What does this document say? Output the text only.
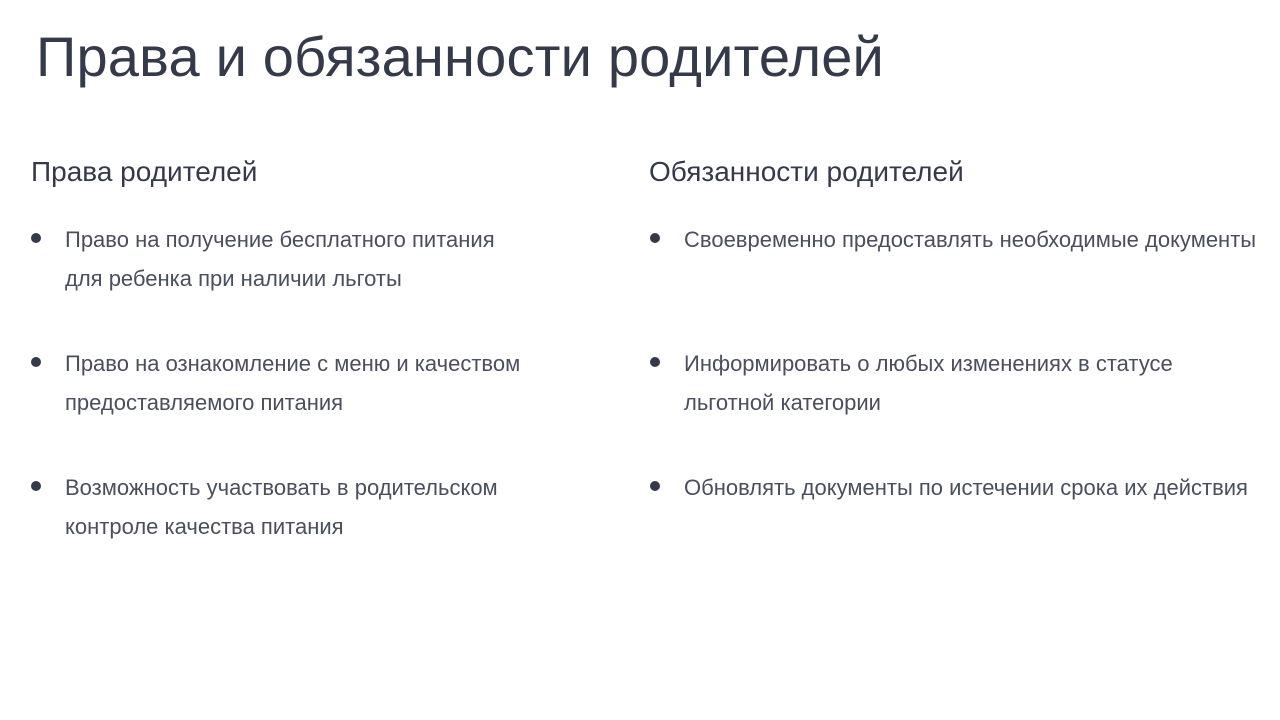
Права и обязанности родителей
Права родителей
Право на получение бесплатного питания
для ребенка при наличии льготы
Право на ознакомление с меню и качеством
предоставляемого питания
Возможность участвовать в родительском
контроле качества питания
Обязанности родителей
Своевременно предоставлять необходимые документы
Информировать о любых изменениях в статусе
льготной категории
Обновлять документы по истечении срока их действия
